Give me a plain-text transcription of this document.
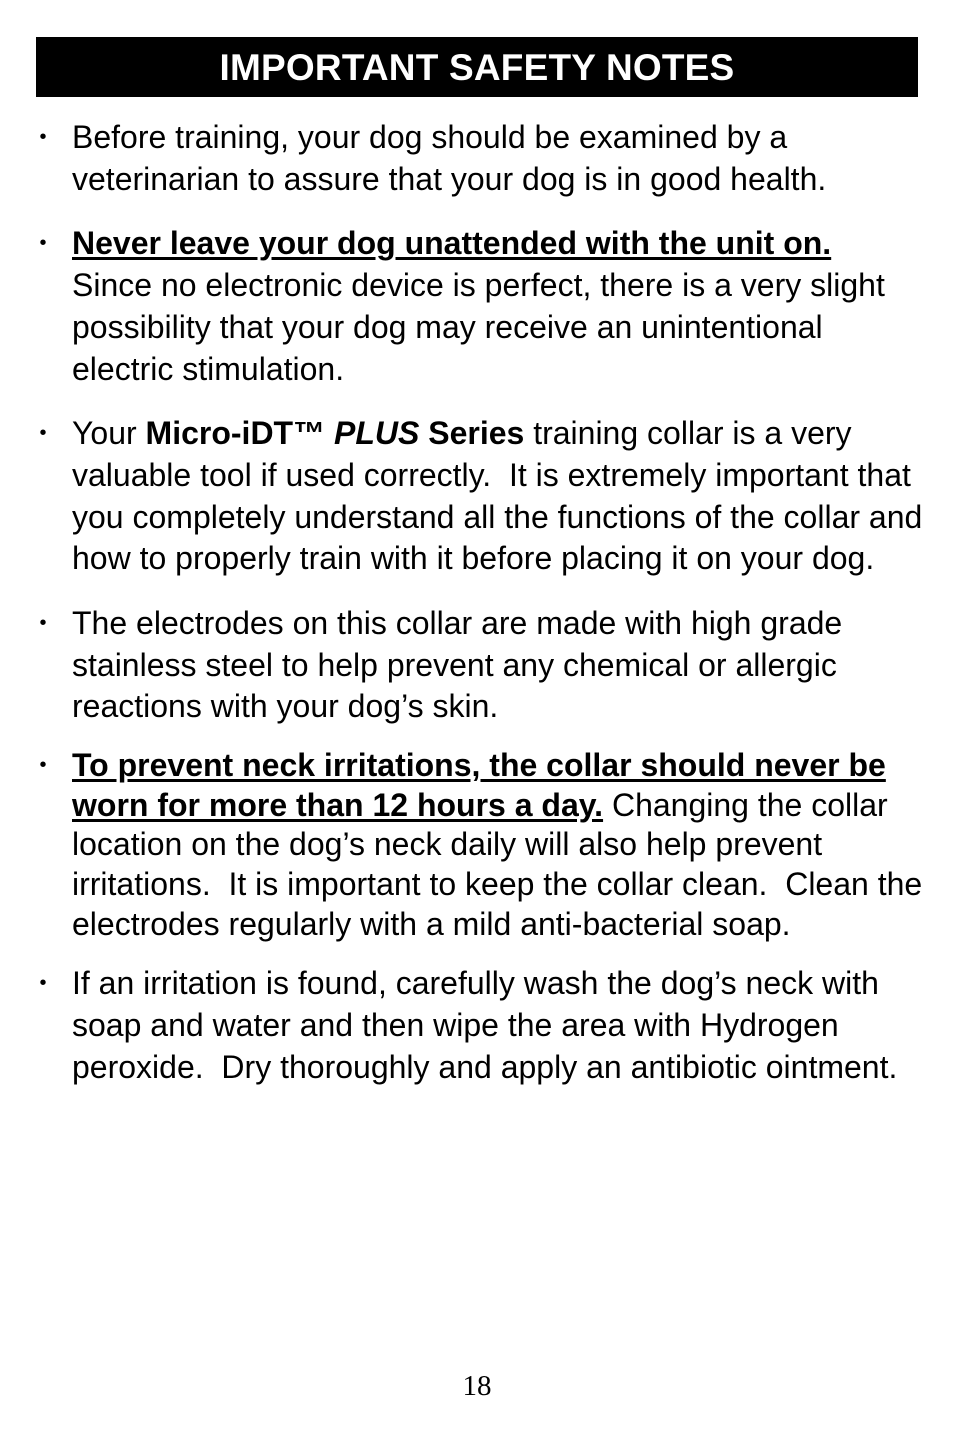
IMPORTANT SAFETY NOTES
• Before training, your dog should be examined by a veterinarian to assure that your dog is in good health.
• Never leave your dog unattended with the unit on.  Since no electronic device is perfect, there is a very slight possibility that your dog may receive an unintentional electric stimulation.
• Your Micro-iDT™ PLUS Series training collar is a very valuable tool if used correctly.  It is extremely important that you completely understand all the functions of the collar and how to properly train with it before placing it on your dog.
• The electrodes on this collar are made with high grade stainless steel to help prevent any chemical or allergic reactions with your dog’s skin.
• To prevent neck irritations, the collar should never be worn for more than 12 hours a day. Changing the collar location on the dog’s neck daily will also help prevent irritations.  It is important to keep the collar clean.  Clean the electrodes regularly with a mild anti-bacterial soap.
• If an irritation is found, carefully wash the dog’s neck with soap and water and then wipe the area with Hydrogen peroxide.  Dry thoroughly and apply an antibiotic ointment.
18
